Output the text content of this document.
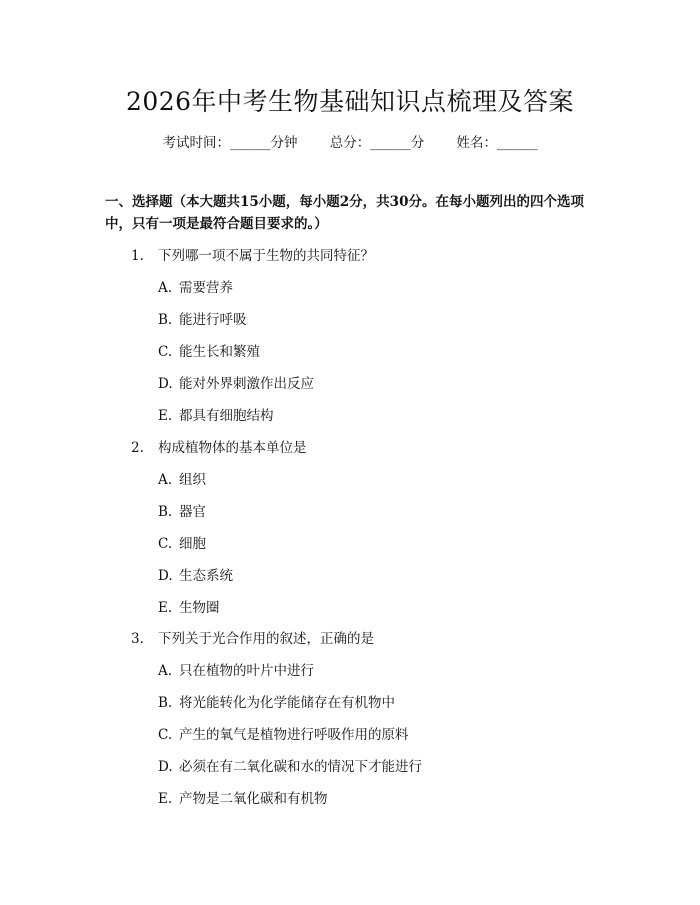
2026年中考生物基础知识点梳理及答案
考试时间：______分钟 总分：______分 姓名：______
一、选择题（本大题共15小题，每小题2分，共30分。在每小题列出的四个选项中，只有一项是最符合题目要求的。）
1. 下列哪一项不属于生物的共同特征？
A. 需要营养
B. 能进行呼吸
C. 能生长和繁殖
D. 能对外界刺激作出反应
E. 都具有细胞结构
2. 构成植物体的基本单位是
A. 组织
B. 器官
C. 细胞
D. 生态系统
E. 生物圈
3. 下列关于光合作用的叙述，正确的是
A. 只在植物的叶片中进行
B. 将光能转化为化学能储存在有机物中
C. 产生的氧气是植物进行呼吸作用的原料
D. 必须在有二氧化碳和水的情况下才能进行
E. 产物是二氧化碳和有机物
